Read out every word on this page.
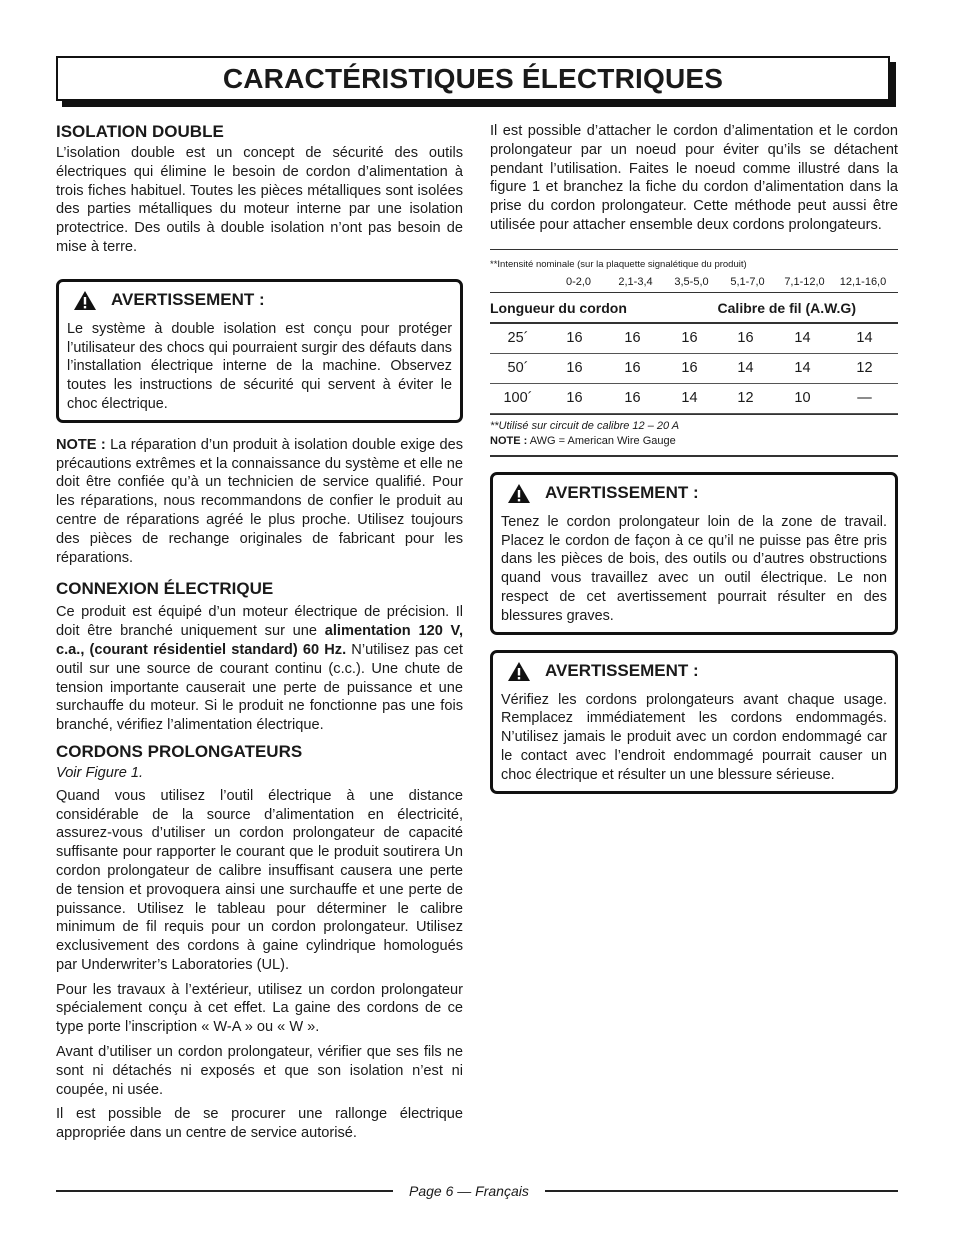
CARACTÉRISTIQUES ÉLECTRIQUES
ISOLATION DOUBLE

L’isolation double est un concept de sécurité des outils électriques qui élimine le besoin de cordon d’alimentation à trois fiches habituel. Toutes les pièces métalliques sont isolées des parties métalliques du moteur interne par une isolation protectrice. Des outils à double isolation n’ont pas besoin de mise à terre.

AVERTISSEMENT :

Le système à double isolation est conçu pour protéger l’utilisateur des chocs qui pourraient surgir des défauts dans l’installation électrique interne de la machine. Observez toutes les instructions de sécurité qui servent à éviter le choc électrique.

NOTE : La réparation d’un produit à isolation double exige des précautions extrêmes et la connaissance du système et elle ne doit être confiée qu’à un technicien de service qualifié. Pour les réparations, nous recommandons de confier le produit au centre de réparations agréé le plus proche. Utilisez toujours des pièces de rechange originales de fabricant pour les réparations.

CONNEXION ÉLECTRIQUE

Ce produit est équipé d’un moteur électrique de précision. Il doit être branché uniquement sur une alimentation 120 V, c.a., (courant résidentiel standard) 60 Hz. N’utilisez pas cet outil sur une source de courant continu (c.c.). Une chute de tension importante causerait une perte de puissance et une surchauffe du moteur. Si le produit ne fonctionne pas une fois branché, vérifiez l’alimentation électrique.

CORDONS PROLONGATEURS

Voir Figure 1.

Quand vous utilisez l’outil électrique à une distance considérable de la source d’alimentation en électricité, assurez-vous d’utiliser un cordon prolongateur de capacité suffisante pour rapporter le courant que le produit soutirera Un cordon prolongateur de calibre insuffisant causera une perte de tension et provoquera ainsi une surchauffe et une perte de puissance. Utilisez le tableau pour déterminer le calibre minimum de fil requis pour un cordon prolongateur. Utilisez exclusivement des cordons à gaine cylindrique homologués par Underwriter’s Laboratories (UL).

Pour les travaux à l’extérieur, utilisez un cordon prolongateur spécialement conçu à cet effet. La gaine des cordons de ce type porte l’inscription « W-A » ou « W ».

Avant d’utiliser un cordon prolongateur, vérifier que ses fils ne sont ni détachés ni exposés et que son isolation n’est ni coupée, ni usée.

Il est possible de se procurer une rallonge électrique appropriée dans un centre de service autorisé.

Il est possible d’attacher le cordon d’alimentation et le cordon prolongateur par un noeud pour éviter qu’ils se détachent pendant l’utilisation. Faites le noeud comme illustré dans la figure 1 et branchez la fiche du cordon d’alimentation dans la prise du cordon prolongateur. Cette méthode peut aussi être utilisée pour attacher ensemble deux cordons prolongateurs.

**Intensité nominale (sur la plaquette signalétique du produit)
0-2,0	2,1-3,4	3,5-5,0	5,1-7,0	7,1-12,0	12,1-16,0
Longueur du cordon	Calibre de fil (A.W.G)
25´	16	16	16	16	14	14
50´	16	16	16	14	14	12
100´	16	16	14	12	10	—
**Utilisé sur circuit de calibre 12 – 20 A
NOTE : AWG = American Wire Gauge
AVERTISSEMENT :

Tenez le cordon prolongateur loin de la zone de travail. Placez le cordon de façon à ce qu’il ne puisse pas être pris dans les pièces de bois, des outils ou d’autres obstructions quand vous travaillez avec un outil électrique. Le non respect de cet avertissement pourrait résulter en des blessures graves.

AVERTISSEMENT :

Vérifiez les cordons prolongateurs avant chaque usage. Remplacez immédiatement les cordons endommagés. N’utilisez jamais le produit avec un cordon endommagé car le contact avec l’endroit endommagé pourrait causer un choc électrique et résulter un une blessure sérieuse.

Page 6 — Français
